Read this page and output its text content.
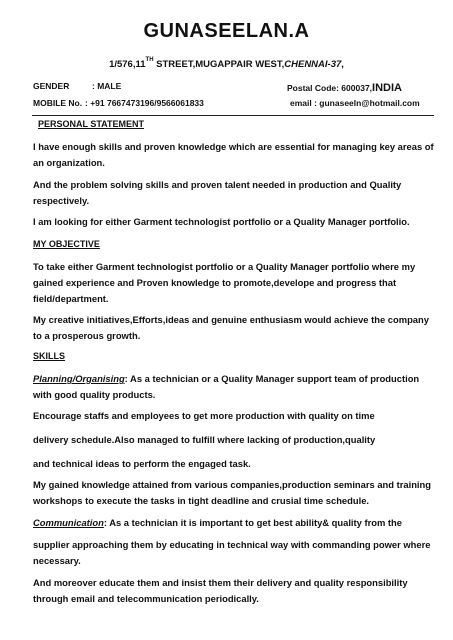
GUNASEELAN.A
1/576,11TH STREET,MUGAPPAIR WEST,CHENNAI-37,
GENDER	: MALE	Postal Code: 600037,INDIA
MOBILE No. : +91 7667473196/9566061833	email : gunaseeln@hotmail.com
PERSONAL STATEMENT
I have enough skills and proven knowledge which are essential for managing key areas of an organization.
And the problem solving skills and proven talent needed in production and Quality respectively.
I am looking for either Garment technologist portfolio or a Quality Manager portfolio.
MY OBJECTIVE
To take either Garment technologist portfolio or a Quality Manager portfolio where my gained experience and Proven knowledge to promote,develope and progress that field/department.
My creative initiatives,Efforts,ideas and genuine enthusiasm would achieve the company to a prosperous growth.
SKILLS
Planning/Organising: As a technician or a Quality Manager support team of production with good quality products.
Encourage staffs and employees to get more production with quality on time
delivery schedule.Also managed to fulfill where lacking of production,quality
and technical ideas to perform the engaged task.
My gained knowledge attained from various companies,production seminars and training workshops to execute the tasks in tight deadline and crusial time schedule.
Communication: As a technician it is important to get best ability& quality from the
supplier approaching them by educating in technical way with commanding power where necessary.
And moreover educate them and insist them their delivery and quality responsibility through email and telecommunication periodically.
